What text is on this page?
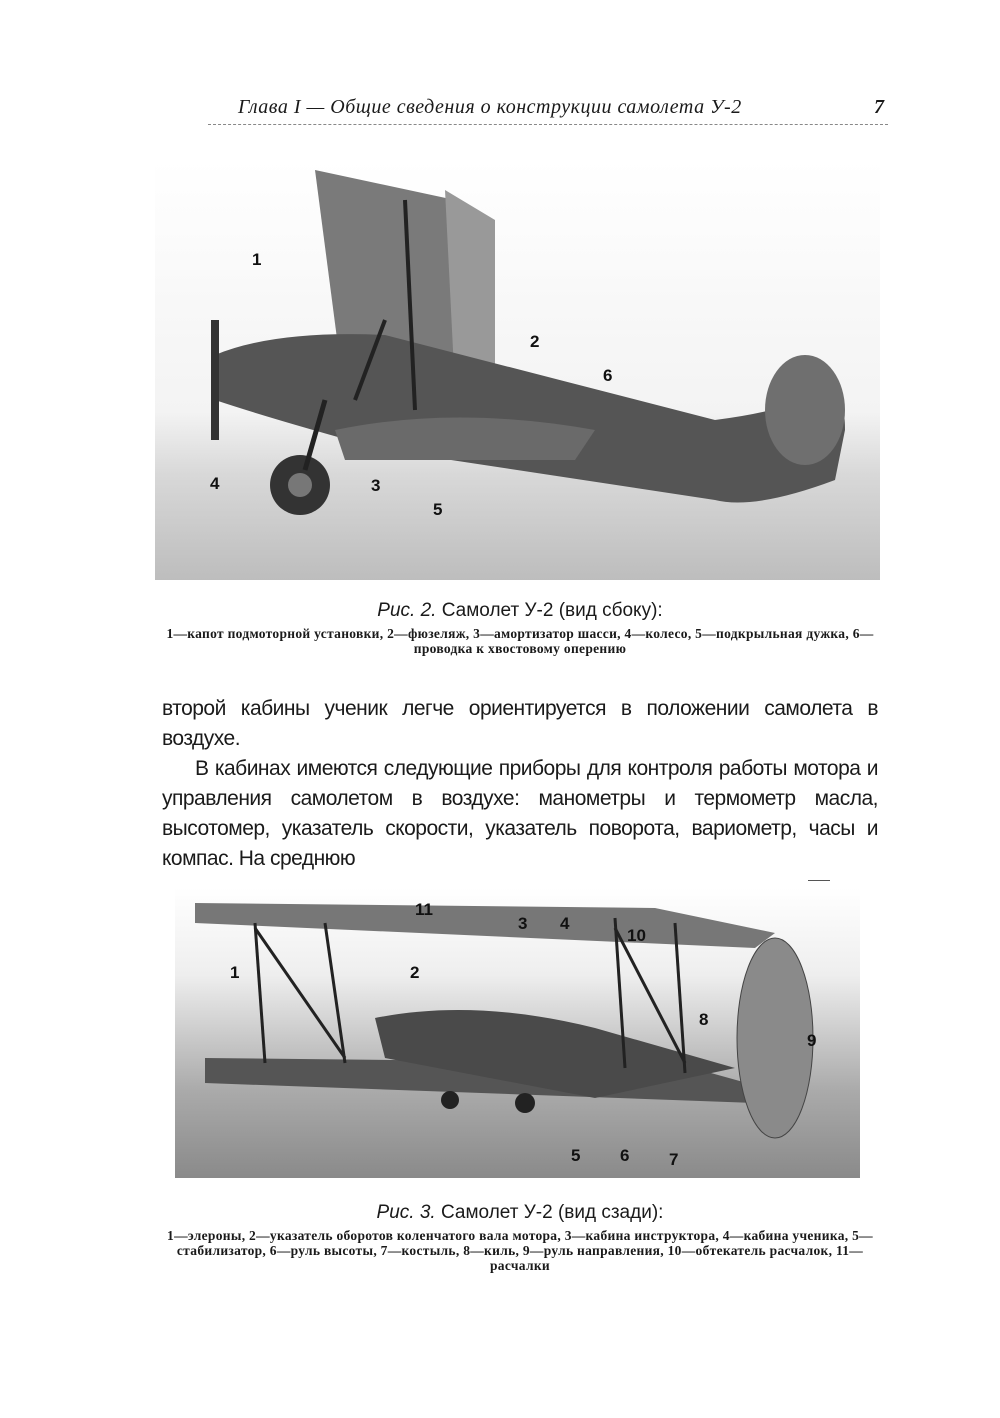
Глава I — Общие сведения о конструкции самолета У-2	7
1
2
3
4
5
6
Рис. 2. Самолет У-2 (вид сбоку):
1—капот подмоторной установки, 2—фюзеляж, 3—амортизатор шасси, 4—колесо, 5—подкрыльная дужка, 6—проводка к хвостовому оперению

второй кабины ученик легче ориентируется в положении самолета в воздухе.

В кабинах имеются следующие приборы для контроля работы мотора и управления самолетом в воздухе: манометры и термометр масла, высотомер, указатель скорости, указатель поворота, вариометр, часы и компас. На среднюю

1	2
3 4
5 6 7
8
9
10
11
Рис. 3. Самолет У-2 (вид сзади):
1—элероны, 2—указатель оборотов коленчатого вала мотора, 3—кабина инструктора, 4—кабина ученика, 5—стабилизатор, 6—руль высоты, 7—костыль, 8—киль, 9—руль направления, 10—обтекатель расчалок, 11—расчалки
